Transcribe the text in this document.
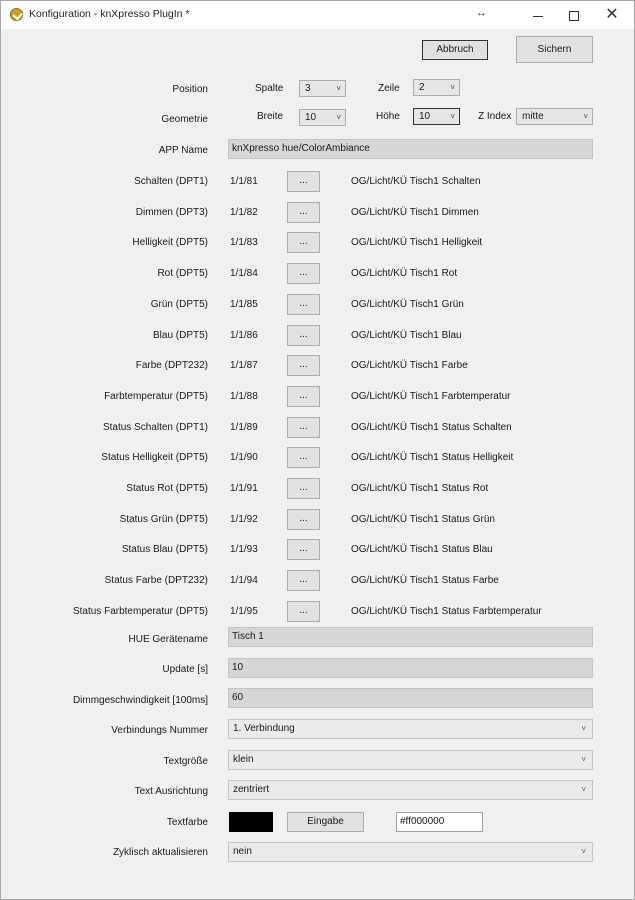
Konfiguration - knXpresso PlugIn *	↔	✕
Abbruch	Sichern
Position	Spalte	3	˅	Zeile	2	˅
Geometrie	Breite	10	˅	Höhe	10	˅ Z Index	mitte	˅
APP Name	knXpresso hue/ColorAmbiance
Schalten (DPT1) 1/1/81	...	OG/Licht/KÜ Tisch1 Schalten
Dimmen (DPT3) 1/1/82	...	OG/Licht/KÜ Tisch1 Dimmen
Helligkeit (DPT5) 1/1/83	...	OG/Licht/KÜ Tisch1 Helligkeit
Rot (DPT5) 1/1/84	...	OG/Licht/KÜ Tisch1 Rot
Grün (DPT5) 1/1/85	...	OG/Licht/KÜ Tisch1 Grün
Blau (DPT5) 1/1/86	...	OG/Licht/KÜ Tisch1 Blau
Farbe (DPT232) 1/1/87	...	OG/Licht/KÜ Tisch1 Farbe
Farbtemperatur (DPT5) 1/1/88	...	OG/Licht/KÜ Tisch1 Farbtemperatur
Status Schalten (DPT1) 1/1/89	...	OG/Licht/KÜ Tisch1 Status Schalten
Status Helligkeit (DPT5) 1/1/90	...	OG/Licht/KÜ Tisch1 Status Helligkeit
Status Rot (DPT5) 1/1/91	...	OG/Licht/KÜ Tisch1 Status Rot
Status Grün (DPT5) 1/1/92	...	OG/Licht/KÜ Tisch1 Status Grün
Status Blau (DPT5) 1/1/93	...	OG/Licht/KÜ Tisch1 Status Blau
Status Farbe (DPT232) 1/1/94	...	OG/Licht/KÜ Tisch1 Status Farbe
Status Farbtemperatur (DPT5) 1/1/95	...	OG/Licht/KÜ Tisch1 Status Farbtemperatur
HUE Gerätename	Tisch 1
Update [s]	10
Dimmgeschwindigkeit [100ms]	60
Verbindungs Nummer	1. Verbindung	˅
Textgröße	klein	˅
Text Ausrichtung	zentriert	˅
Textfarbe	Eingabe	#ff000000
Zyklisch aktualisieren	nein	˅
